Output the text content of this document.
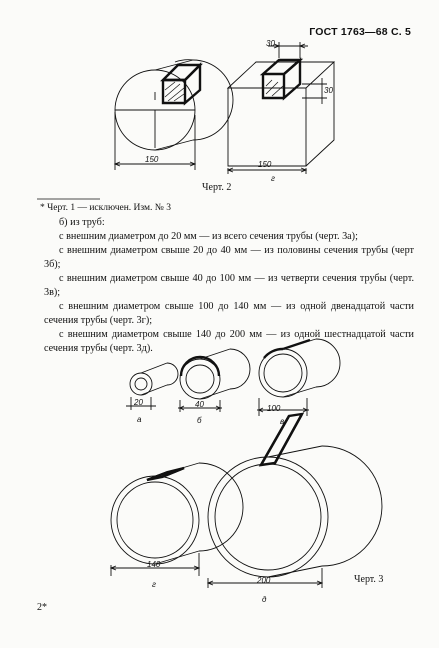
ГОСТ 1763—68 С. 5
30
30
150
150
г
Черт. 2
* Черт. 1 — исключен. Изм. № 3
б) из труб:
с внешним диаметром до 20 мм — из всего сечения трубы (черт. 3а);
с внешним диаметром свыше 20 до 40 мм — из половины сечения трубы (черт 3б);
с внешним диаметром свыше 40 до 100 мм — из четверти сечения трубы (черт. 3в);
с внешним диаметром свыше 100 до 140 мм — из одной двенадцатой части сечения трубы (черт. 3г);
с внешним диаметром свыше 140 до 200 мм — из одной шестнадцатой части сечения трубы (черт. 3д).
20	40	100
140
200
а	б	в
г
д
Черт. 3
2*
